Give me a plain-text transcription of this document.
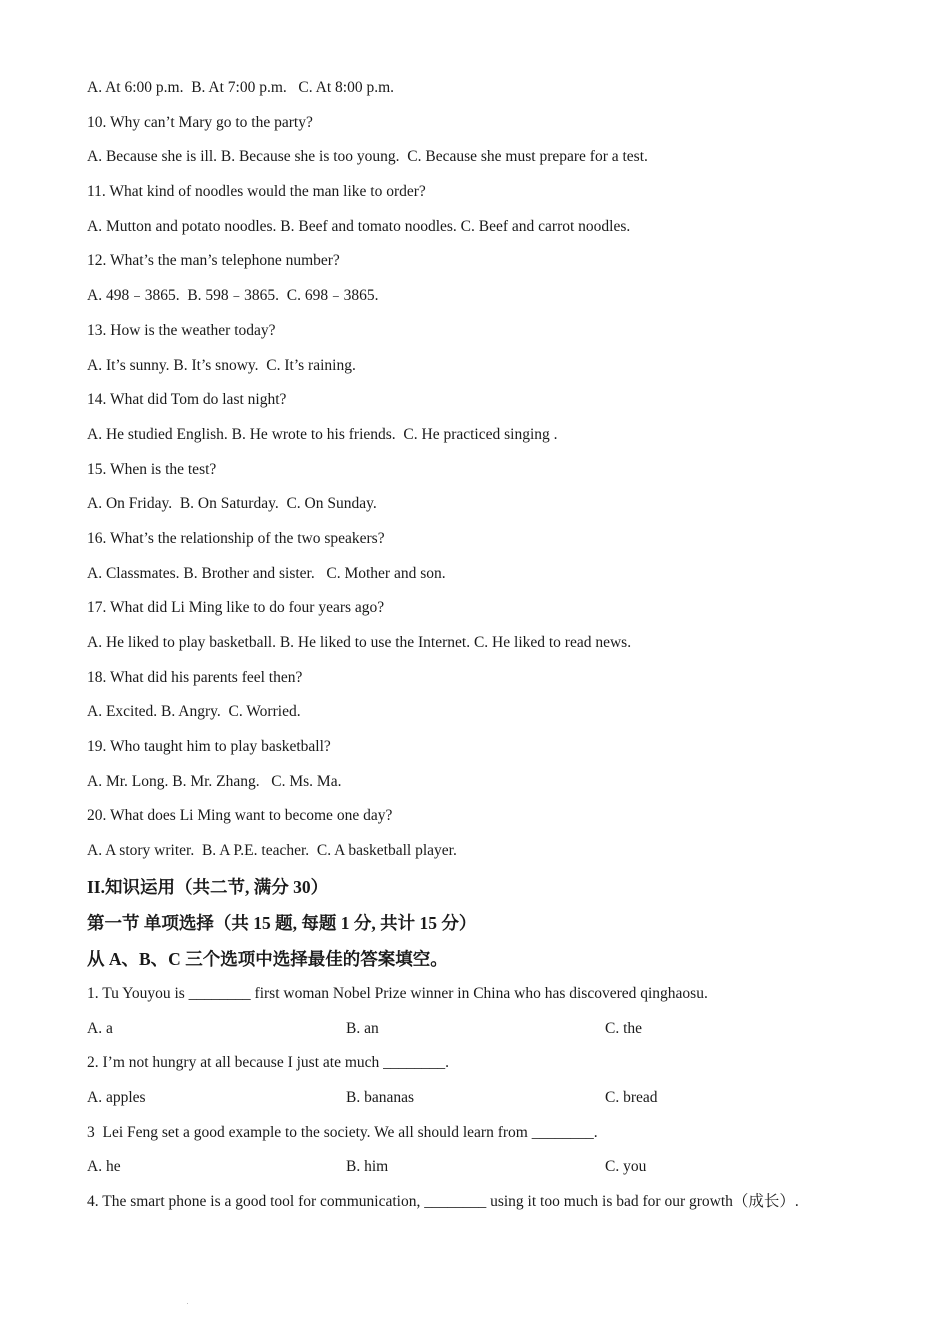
A. At 6:00 p.m.  B. At 7:00 p.m.   C. At 8:00 p.m.
10. Why can’t Mary go to the party?
A. Because she is ill. B. Because she is too young.  C. Because she must prepare for a test.
11. What kind of noodles would the man like to order?
A. Mutton and potato noodles. B. Beef and tomato noodles. C. Beef and carrot noodles.
12. What’s the man’s telephone number?
A. 498﹣3865.  B. 598﹣3865.  C. 698﹣3865.
13. How is the weather today?
A. It’s sunny. B. It’s snowy.  C. It’s raining.
14. What did Tom do last night?
A. He studied English. B. He wrote to his friends.  C. He practiced singing .
15. When is the test?
A. On Friday.  B. On Saturday.  C. On Sunday.
16. What’s the relationship of the two speakers?
A. Classmates. B. Brother and sister.   C. Mother and son.
17. What did Li Ming like to do four years ago?
A. He liked to play basketball. B. He liked to use the Internet. C. He liked to read news.
18. What did his parents feel then?
A. Excited. B. Angry.  C. Worried.
19. Who taught him to play basketball?
A. Mr. Long. B. Mr. Zhang.   C. Ms. Ma.
20. What does Li Ming want to become one day?
A. A story writer.  B. A P.E. teacher.  C. A basketball player.
II.知识运用（共二节, 满分 30）
第一节 单项选择（共 15 题, 每题 1 分, 共计 15 分）
从 A、B、C 三个选项中选择最佳的答案填空。
1. Tu Youyou is ________ first woman Nobel Prize winner in China who has discovered qinghaosu.
A. a	B. an	C. the
2. I’m not hungry at all because I just ate much ________.
A. apples	B. bananas	C. bread
3  Lei Feng set a good example to the society. We all should learn from ________.
A. he	B. him	C. you
4. The smart phone is a good tool for communication, ________ using it too much is bad for our growth（成长）.
